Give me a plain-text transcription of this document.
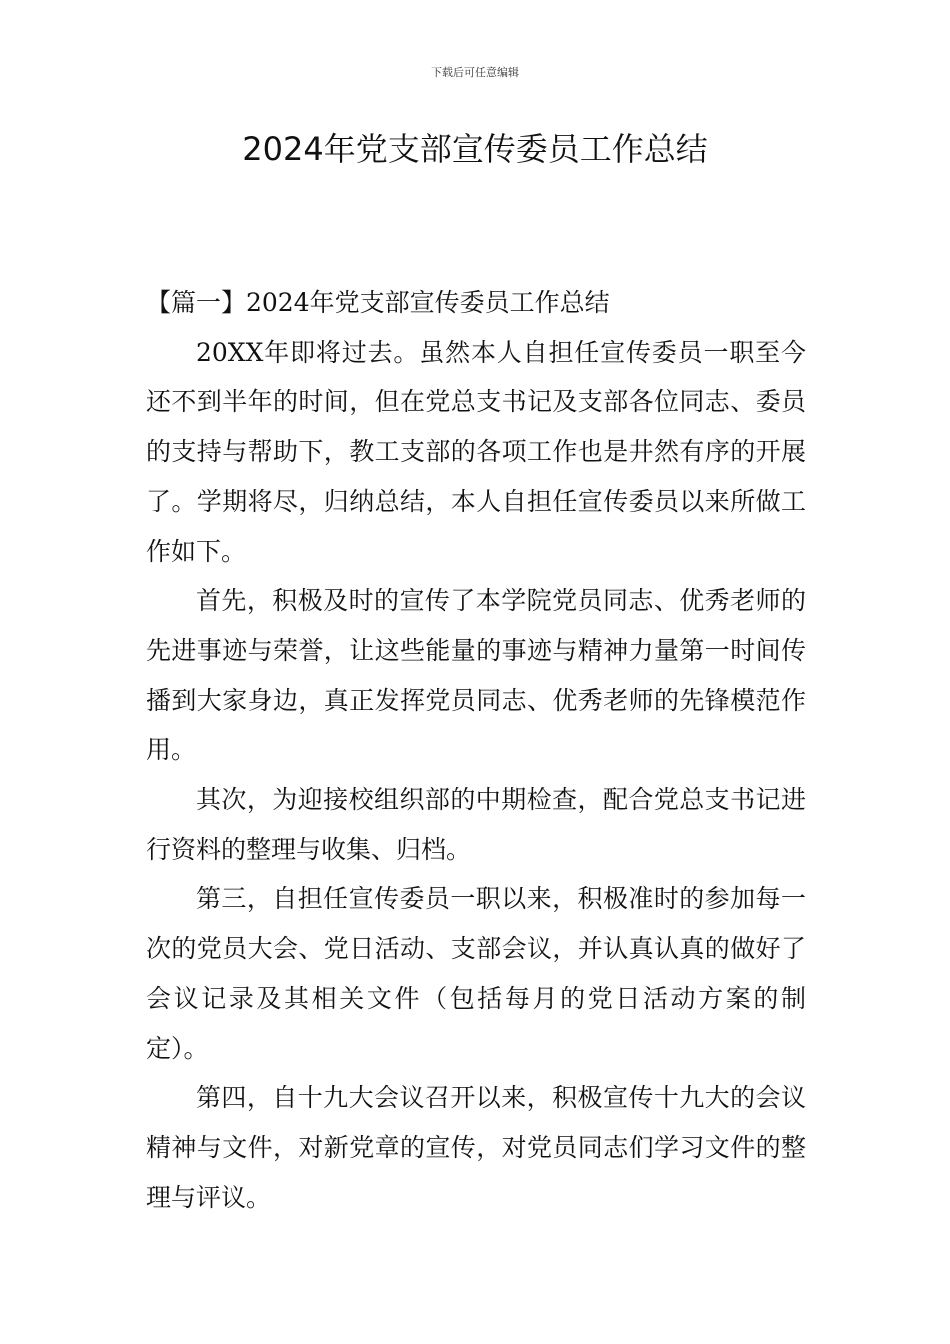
下载后可任意编辑
2024年党支部宣传委员工作总结

【篇一】2024年党支部宣传委员工作总结

20XX年即将过去。虽然本人自担任宣传委员一职至今还不到半年的时间，但在党总支书记及支部各位同志、委员的支持与帮助下，教工支部的各项工作也是井然有序的开展了。学期将尽，归纳总结，本人自担任宣传委员以来所做工作如下。

首先，积极及时的宣传了本学院党员同志、优秀老师的先进事迹与荣誉，让这些能量的事迹与精神力量第一时间传播到大家身边，真正发挥党员同志、优秀老师的先锋模范作用。

其次，为迎接校组织部的中期检查，配合党总支书记进行资料的整理与收集、归档。

第三，自担任宣传委员一职以来，积极准时的参加每一次的党员大会、党日活动、支部会议，并认真认真的做好了会议记录及其相关文件（包括每月的党日活动方案的制定）。

第四，自十九大会议召开以来，积极宣传十九大的会议精神与文件，对新党章的宣传，对党员同志们学习文件的整理与评议。
